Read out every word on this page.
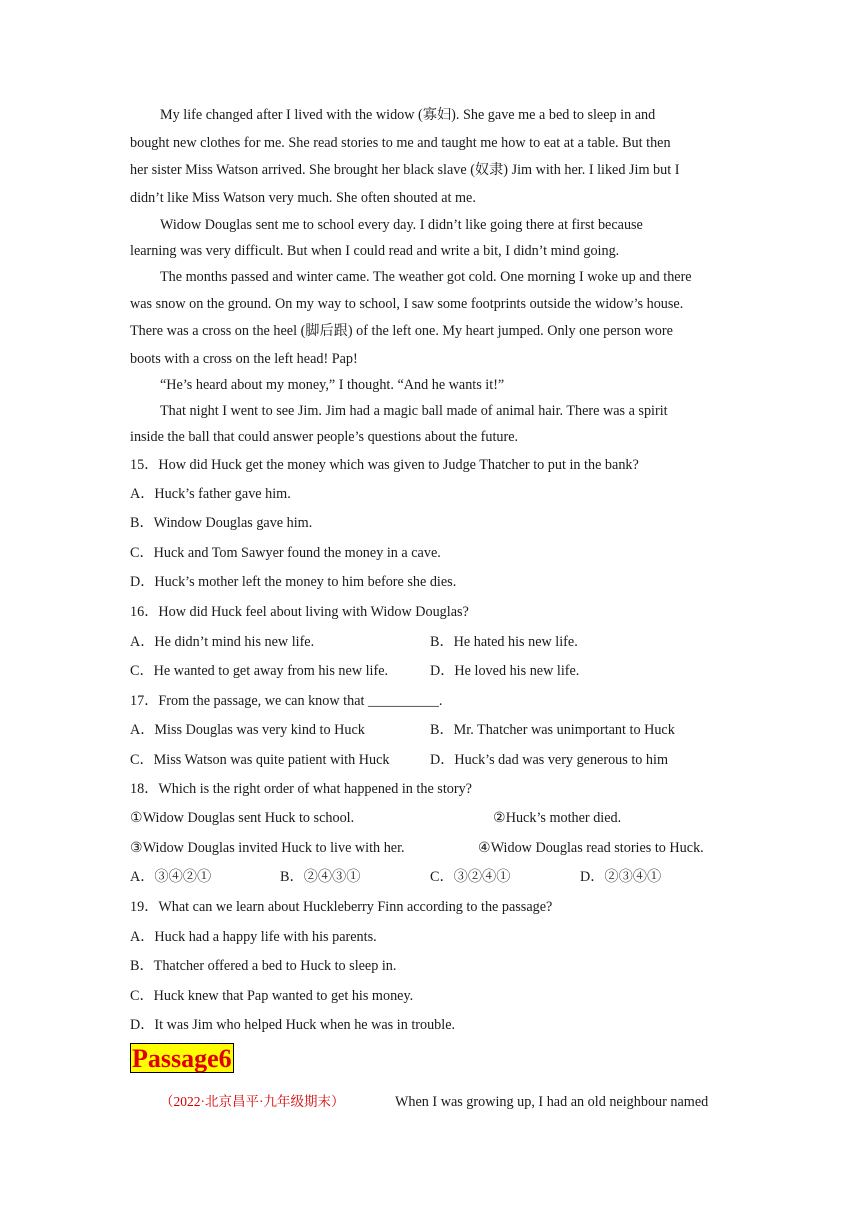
My life changed after I lived with the widow (寡妇). She gave me a bed to sleep in and
bought new clothes for me. She read stories to me and taught me how to eat at a table. But then
her sister Miss Watson arrived. She brought her black slave (奴隶) Jim with her. I liked Jim but I
didn’t like Miss Watson very much. She often shouted at me.
Widow Douglas sent me to school every day. I didn’t like going there at first because
learning was very difficult. But when I could read and write a bit, I didn’t mind going.
The months passed and winter came. The weather got cold. One morning I woke up and there
was snow on the ground. On my way to school, I saw some footprints outside the widow’s house.
There was a cross on the heel (脚后跟) of the left one. My heart jumped. Only one person wore
boots with a cross on the left head! Pap!
“He’s heard about my money,” I thought. “And he wants it!”
That night I went to see Jim. Jim had a magic ball made of animal hair. There was a spirit
inside the ball that could answer people’s questions about the future.
15．How did Huck get the money which was given to Judge Thatcher to put in the bank?
A．Huck’s father gave him.
B．Window Douglas gave him.
C．Huck and Tom Sawyer found the money in a cave.
D．Huck’s mother left the money to him before she dies.
16．How did Huck feel about living with Widow Douglas?
A．He didn’t mind his new life.	B．He hated his new life.
C．He wanted to get away from his new life.	D．He loved his new life.
17．From the passage, we can know that __________.
A．Miss Douglas was very kind to Huck	B．Mr. Thatcher was unimportant to Huck
C．Miss Watson was quite patient with Huck	D．Huck’s dad was very generous to him
18．Which is the right order of what happened in the story?
①Widow Douglas sent Huck to school.	②Huck’s mother died.
③Widow Douglas invited Huck to live with her.	④Widow Douglas read stories to Huck.
A．③④②①	B．②④③①	C．③②④①	D．②③④①
19．What can we learn about Huckleberry Finn according to the passage?
A．Huck had a happy life with his parents.
B．Thatcher offered a bed to Huck to sleep in.
C．Huck knew that Pap wanted to get his money.
D．It was Jim who helped Huck when he was in trouble.
Passage6
（2022·北京昌平·九年级期末）	When I was growing up, I had an old neighbour named
